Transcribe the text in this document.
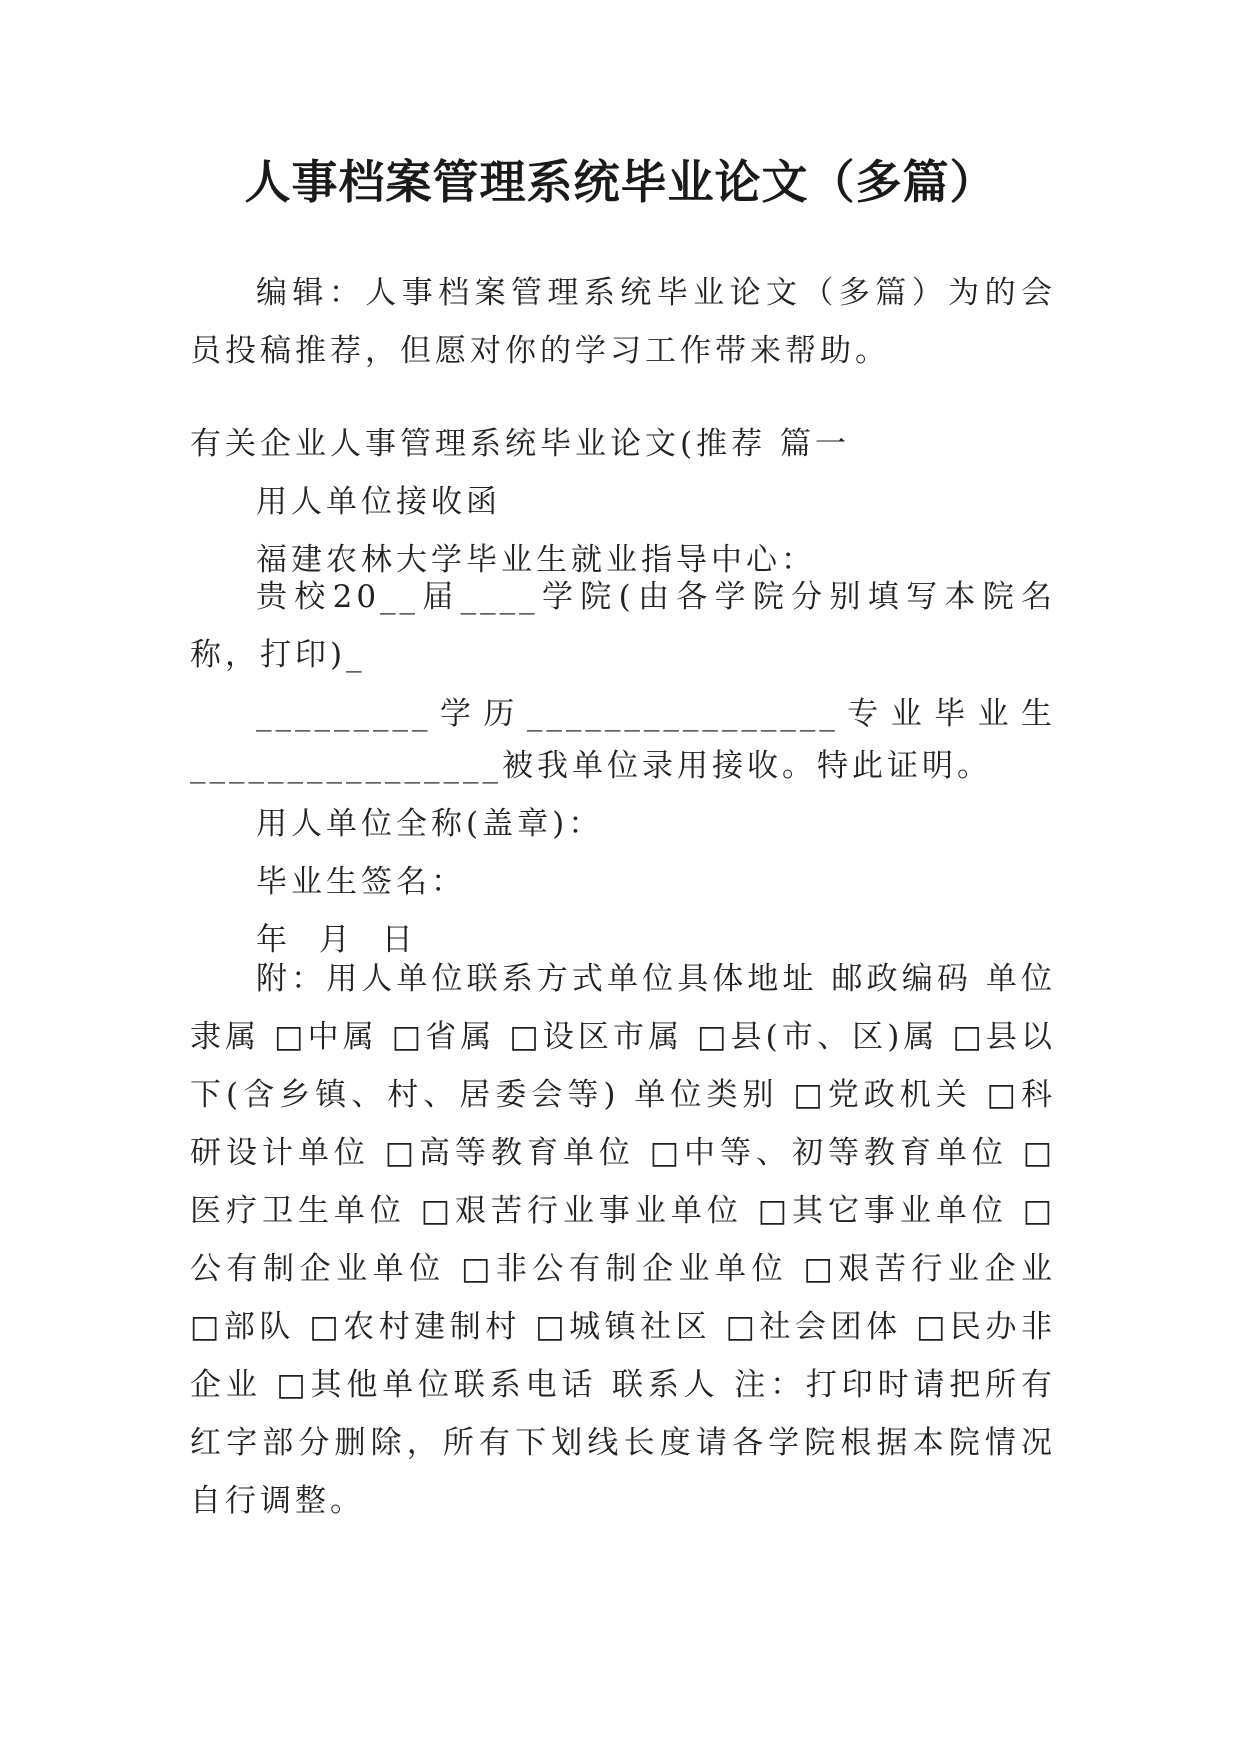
人事档案管理系统毕业论文（多篇）

编辑：人事档案管理系统毕业论文（多篇）为的会员投稿推荐，但愿对你的学习工作带来帮助。

有关企业人事管理系统毕业论文(推荐 篇一

用人单位接收函

福建农林大学毕业生就业指导中心：

贵校20__届____学院(由各学院分别填写本院名称，打印)_

_________ 学 历 ________________ 专 业 毕 业 生

________________被我单位录用接收。特此证明。

用人单位全称(盖章)：

毕业生签名：

年 月 日

附：用人单位联系方式单位具体地址 邮政编码 单位隶属 □中属 □省属 □设区市属 □县(市、区)属 □县以下(含乡镇、村、居委会等) 单位类别 □党政机关 □科研设计单位 □高等教育单位 □中等、初等教育单位 □医疗卫生单位 □艰苦行业事业单位 □其它事业单位 □公有制企业单位 □非公有制企业单位 □艰苦行业企业 □部队 □农村建制村 □城镇社区 □社会团体 □民办非企业 □其他单位联系电话 联系人 注：打印时请把所有红字部分删除，所有下划线长度请各学院根据本院情况自行调整。
